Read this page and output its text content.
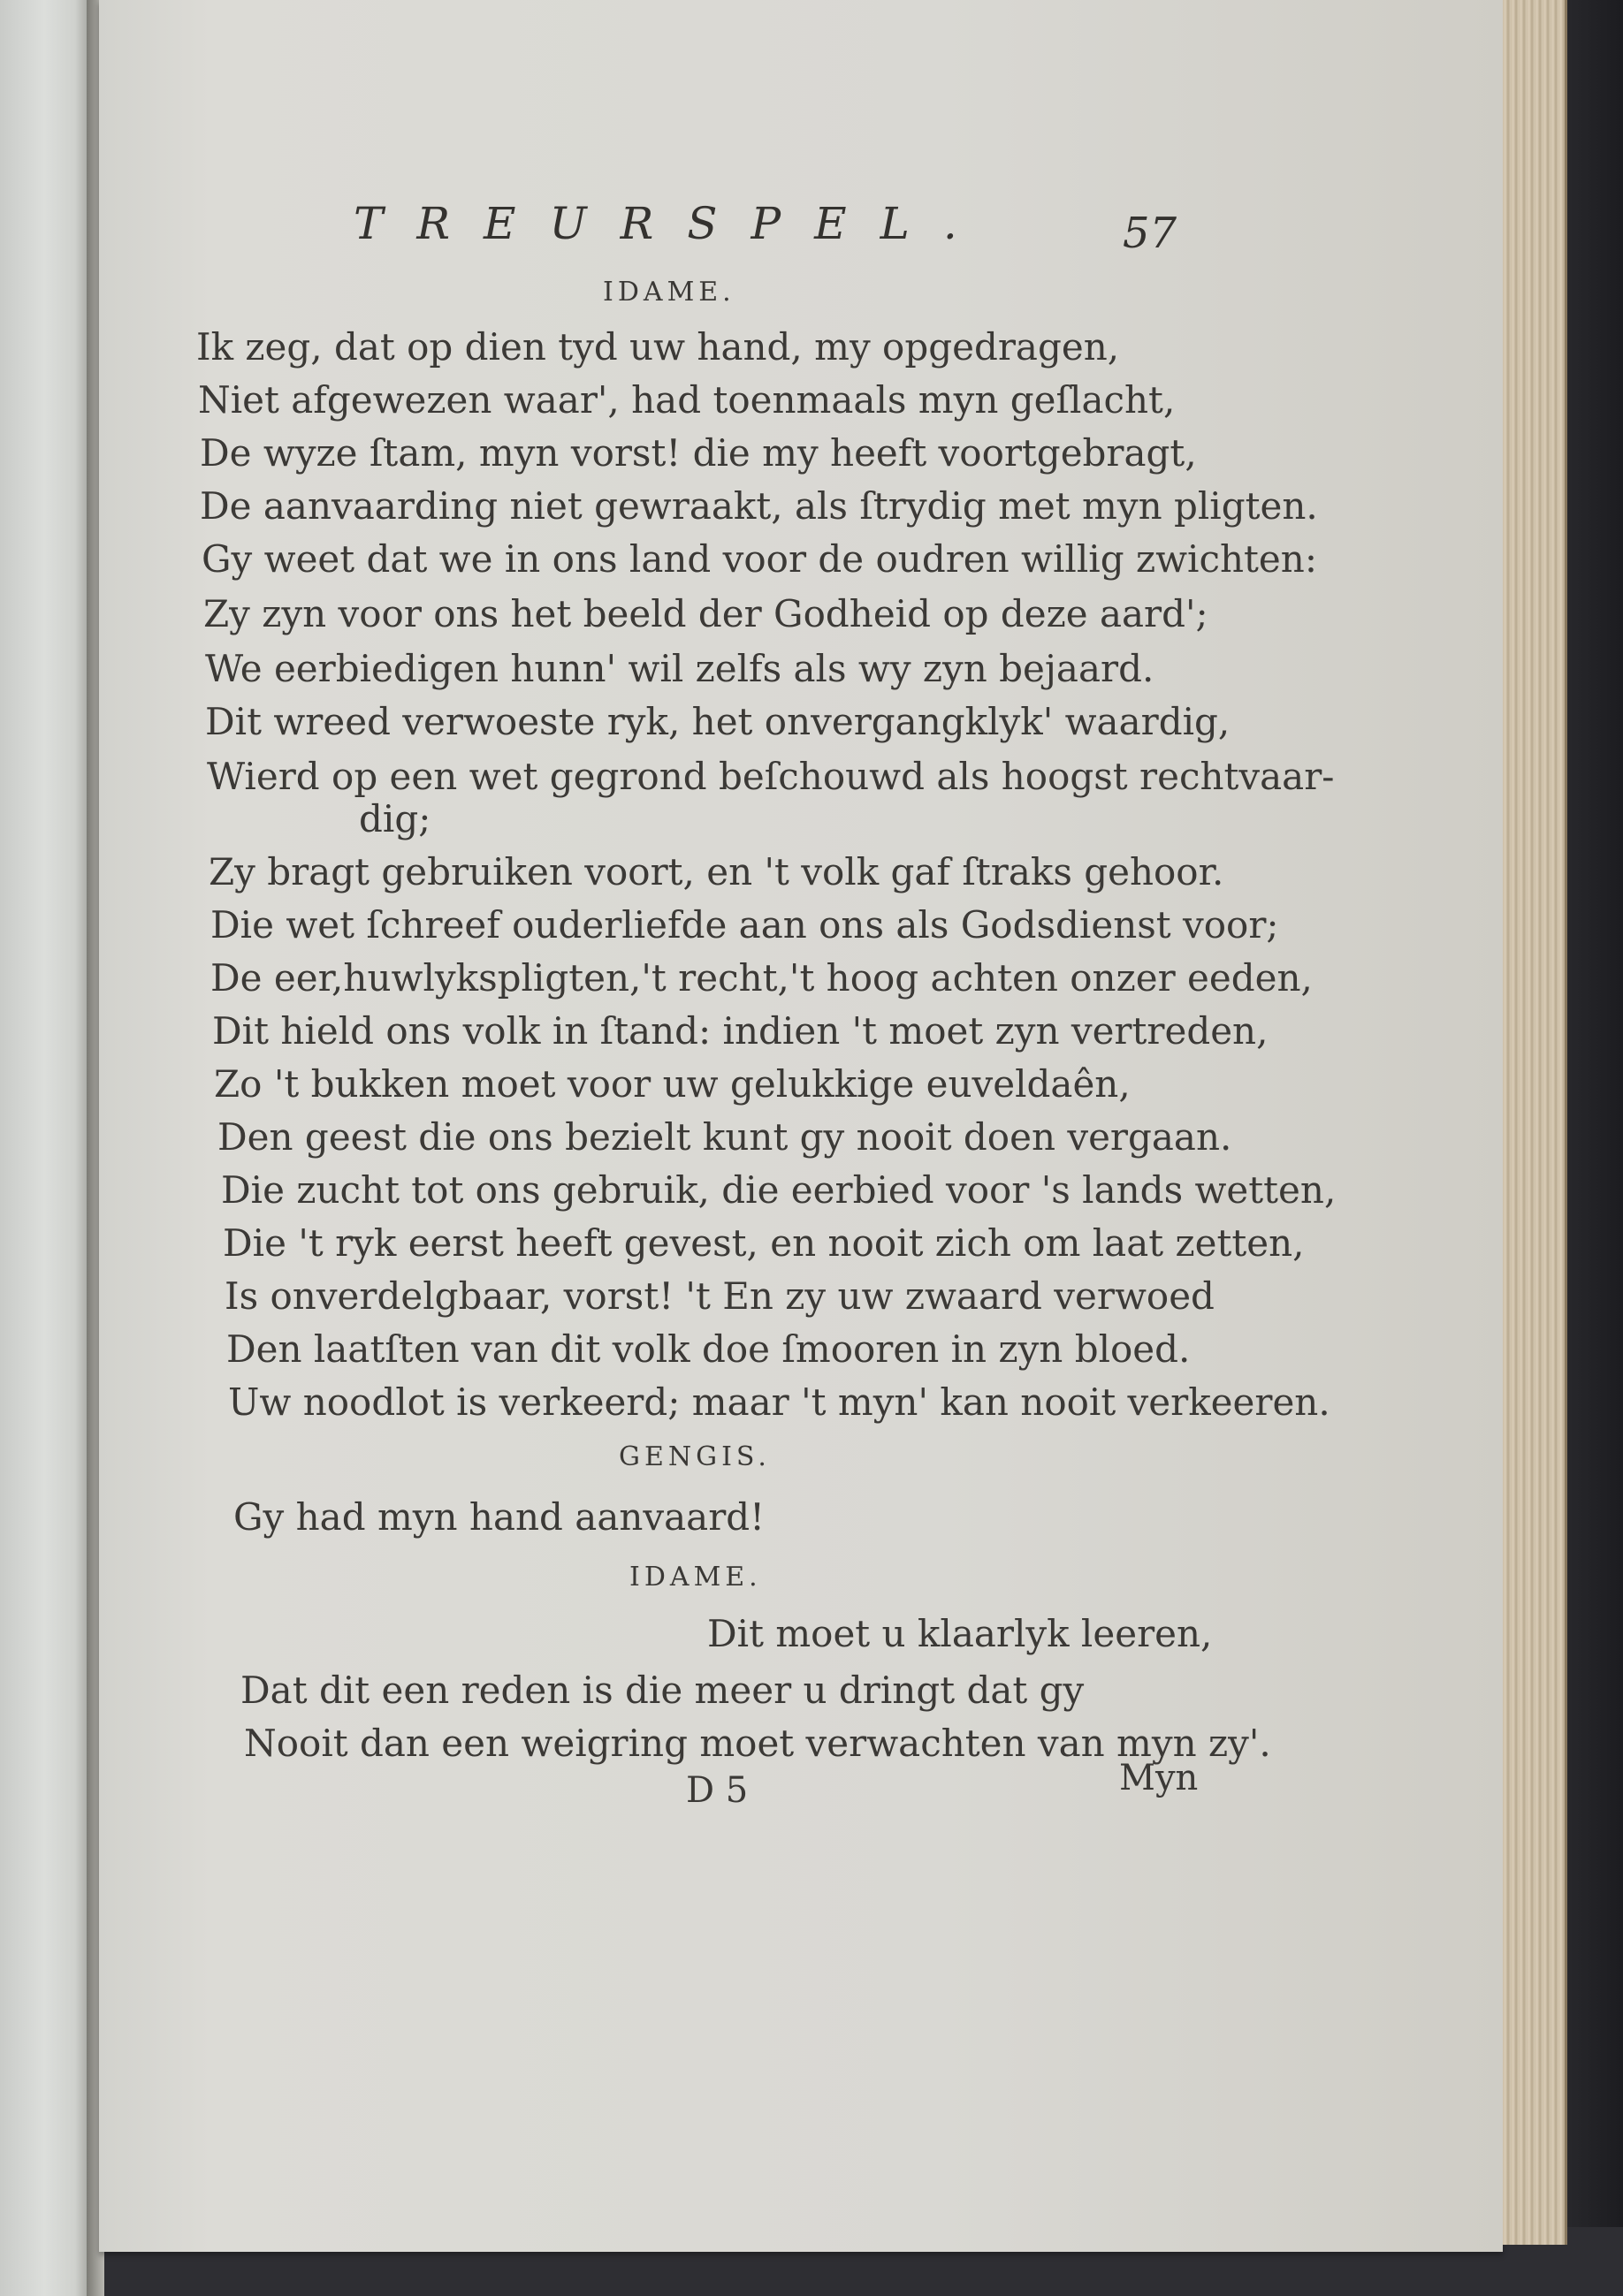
TREURSPEL.	57
IDAME.
Ik zeg, dat op dien tyd uw hand, my opgedragen,
Niet afgewezen waar', had toenmaals myn geſlacht,
De wyze ſtam, myn vorst! die my heeft voortgebragt,
De aanvaarding niet gewraakt, als ſtrydig met myn pligten.
Gy weet dat we in ons land voor de oudren willig zwichten:
Zy zyn voor ons het beeld der Godheid op deze aard';
We eerbiedigen hunn' wil zelfs als wy zyn bejaard.
Dit wreed verwoeste ryk, het onvergangklyk' waardig,
Wierd op een wet gegrond beſchouwd als hoogst rechtvaar-
dig;
Zy bragt gebruiken voort, en 't volk gaf ſtraks gehoor.
Die wet ſchreef ouderliefde aan ons als Godsdienst voor;
De eer,huwlykspligten,'t recht,'t hoog achten onzer eeden,
Dit hield ons volk in ſtand: indien 't moet zyn vertreden,
Zo 't bukken moet voor uw gelukkige euveldaên,
Den geest die ons bezielt kunt gy nooit doen vergaan.
Die zucht tot ons gebruik, die eerbied voor 's lands wetten,
Die 't ryk eerst heeft gevest, en nooit zich om laat zetten,
Is onverdelgbaar, vorst! 't En zy uw zwaard verwoed
Den laatſten van dit volk doe ſmooren in zyn bloed.
Uw noodlot is verkeerd; maar 't myn' kan nooit verkeeren.
GENGIS.
Gy had myn hand aanvaard!
IDAME.
Dit moet u klaarlyk leeren,
Dat dit een reden is die meer u dringt dat gy
Nooit dan een weigring moet verwachten van myn zy'.
D 5	Myn
